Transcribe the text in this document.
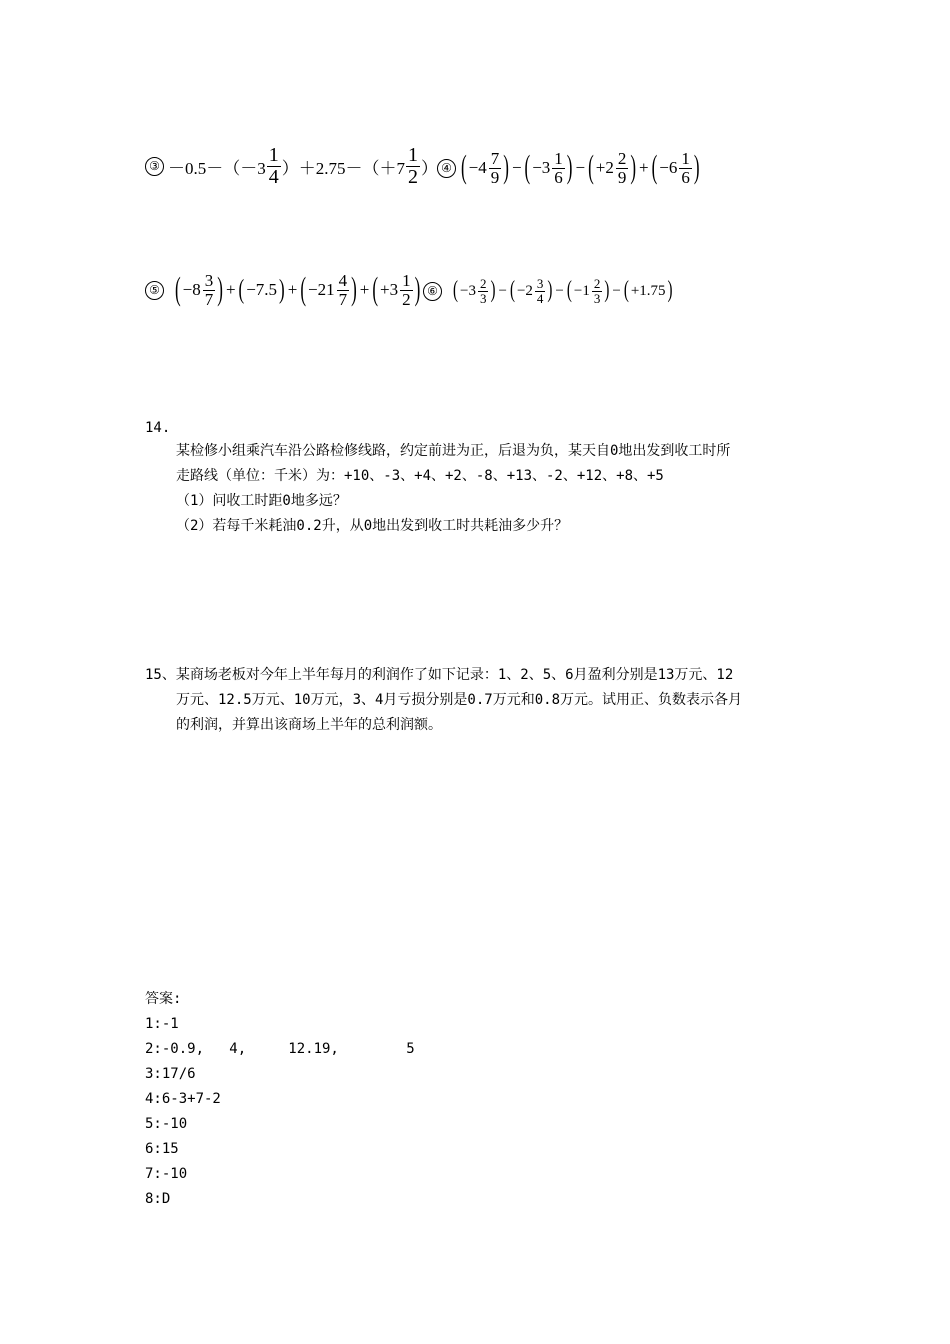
③ $-0.5-(-3 \frac{1}{4} )+2.75-(+7 \frac{1}{2}$ ） ④ ( $-4 \frac{7}{9}$ ) − ( $-3 \frac{1}{6}$ ) − ( $+2 \frac{2}{9}$ ) + ( $-6 \frac{1}{6}$ )
⑤ ( $-8 \frac{3}{7}$ ) + ( −7.5 ) + ( $-21 \frac{4}{7}$ ) + ( $+3 \frac{1}{2}$ ) ⑥ ( $-3 \frac{2}{3}$ ) − ( $-2 \frac{3}{4}$ ) − ( $-1 \frac{2}{3}$ ) − ( +1.75 )
14.
某检修小组乘汽车沿公路检修线路，约定前进为正，后退为负，某天自0地出发到收工时所
走路线（单位：千米）为：+10、-3、+4、+2、-8、+13、-2、+12、+8、+5
（1）问收工时距0地多远？
（2）若每千米耗油0.2升，从0地出发到收工时共耗油多少升？
15、某商场老板对今年上半年每月的利润作了如下记录：1、2、5、6月盈利分别是13万元、12
万元、12.5万元、10万元，3、4月亏损分别是0.7万元和0.8万元。试用正、负数表示各月
的利润，并算出该商场上半年的总利润额。
答案:
1:-1
2:-0.9,   4,     12.19,        5
3:17/6
4:6-3+7-2
5:-10
6:15
7:-10
8:D
